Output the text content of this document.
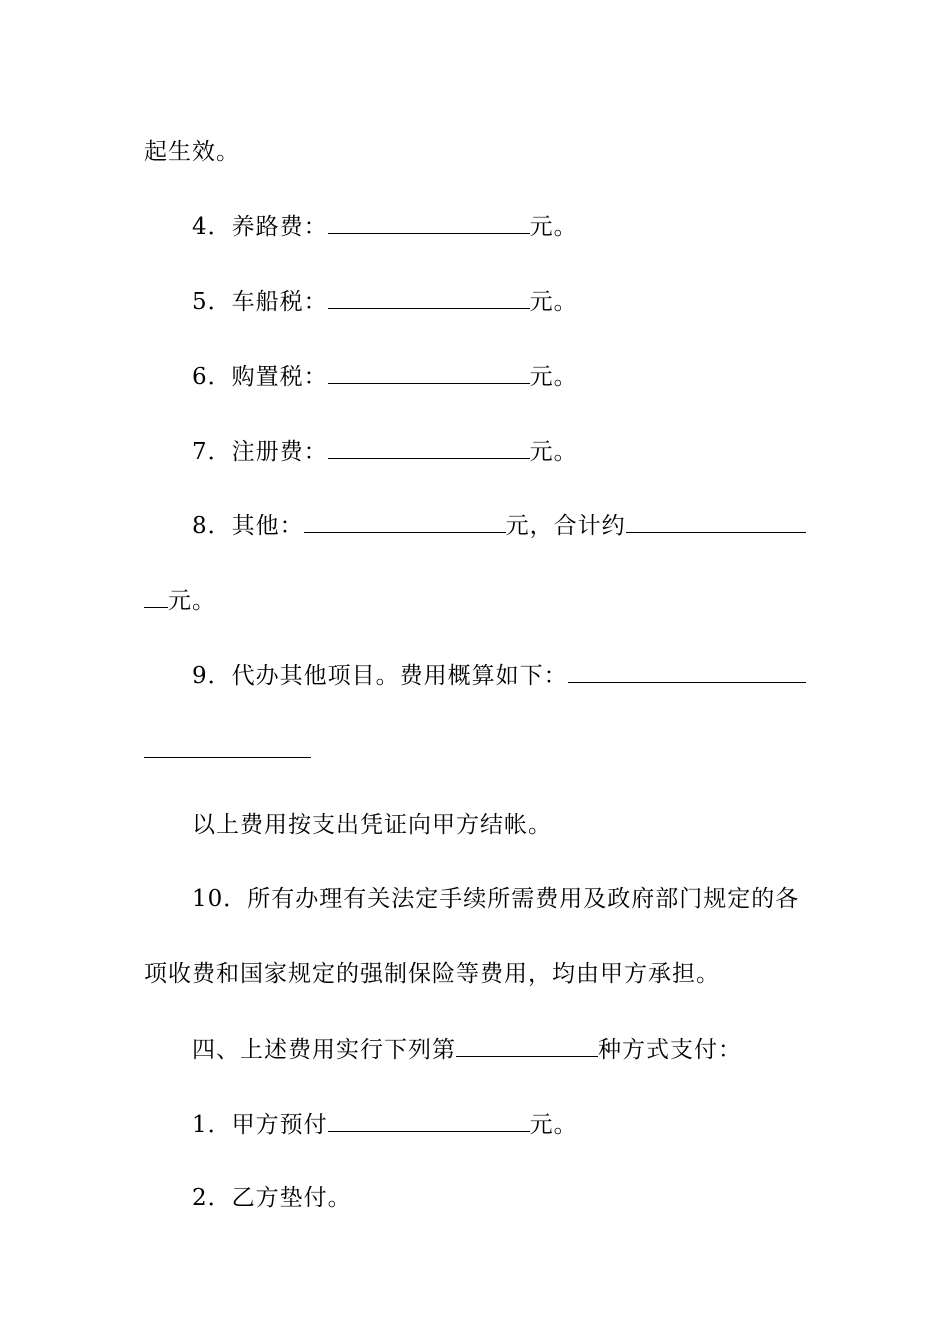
起生效。
4．养路费：	元。
5．车船税：	元。
6．购置税：	元。
7．注册费：	元。
8．其他：	元，合计约
元。
9．代办其他项目。费用概算如下：
以上费用按支出凭证向甲方结帐。
10．所有办理有关法定手续所需费用及政府部门规定的各
项收费和国家规定的强制保险等费用，均由甲方承担。
四、上述费用实行下列第	种方式支付：
1．甲方预付	元。
2．乙方垫付。
